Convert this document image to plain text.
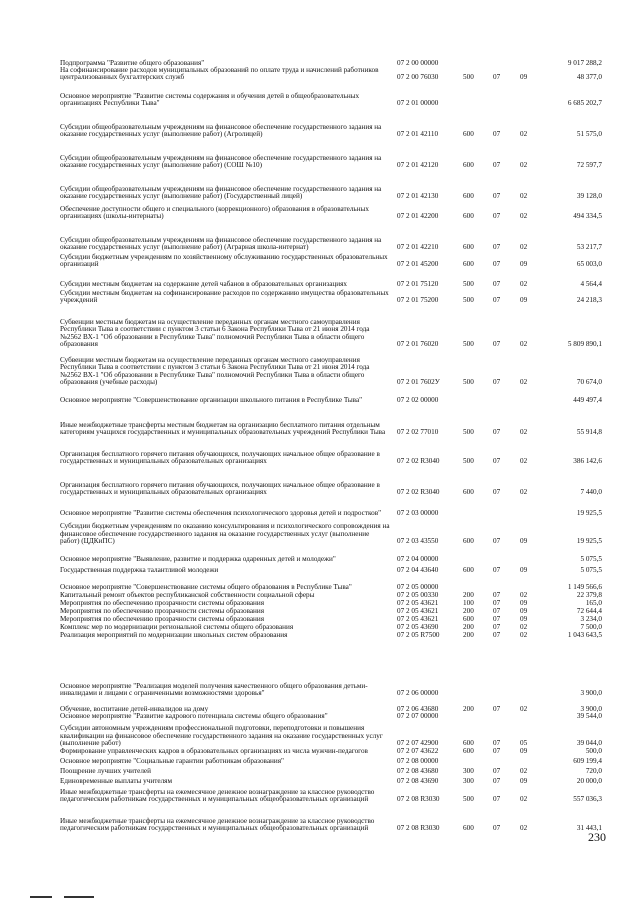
Подпрограмма "Развитие общего образования"	07 2 00 00000	9 017 288,2
На софинансирование расходов муниципальных образований по оплате труда и начислений работников централизованных бухгалтерских служб	07 2 00 76030	500	07	09	48 377,0
Основное мероприятие "Развитие системы содержания и обучения детей в общеобразовательных организациях Республики Тыва"	07 2 01 00000	6 685 202,7
Субсидии общеобразовательным учреждениям на финансовое обеспечение государственного задания на оказание государственных услуг (выполнение работ) (Агролицей)	07 2 01 42110	600	07	02	51 575,0
Субсидии общеобразовательным учреждениям на финансовое обеспечение государственного задания на оказание государственных услуг (выполнение работ) (СОШ №10)	07 2 01 42120	600	07	02	72 597,7
Субсидии общеобразовательным учреждениям на финансовое обеспечение государственного задания на оказание государственных услуг (выполнение работ) (Государственный лицей)	07 2 01 42130	600	07	02	39 128,0
Обеспечение доступности общего и специального (коррекционного) образования в образовательных организациях (школы-интернаты)	07 2 01 42200	600	07	02	494 334,5
Субсидии общеобразовательным учреждениям на финансовое обеспечение государственного задания на оказание государственных услуг (выполнение работ) (Аграрная школа-интернат)	07 2 01 42210	600	07	02	53 217,7
Субсидии бюджетным учреждениям по хозяйственному обслуживанию государственных образовательных организаций	07 2 01 45200	600	07	09	65 003,0
Субсидии местным бюджетам на содержание детей чабанов в образовательных организациях	07 2 01 75120	500	07	02	4 564,4
Субсидии местным бюджетам на софинансирование расходов по содержанию имущества образовательных учреждений	07 2 01 75200	500	07	09	24 218,3
Субвенции местным бюджетам на осуществление переданных органам местного самоуправления Республики Тыва в соответствии с пунктом 3 статьи 6 Закона Республики Тыва от 21 июня 2014 года №2562 ВХ-1 "Об образовании в Республике Тыва" полномочий Республики Тыва в области общего образования	07 2 01 76020	500	07	02	5 809 890,1
Субвенции местным бюджетам на осуществление переданных органам местного самоуправления Республики Тыва в соответствии с пунктом 3 статьи 6 Закона Республики Тыва от 21 июня 2014 года №2562 ВХ-1 "Об образовании в Республике Тыва" полномочий Республики Тыва в области общего образования (учебные расходы)	07 2 01 7602У	500	07	02	70 674,0
Основное мероприятие "Совершенствование организации школьного питания в Республике Тыва"	07 2 02 00000	449 497,4
Иные межбюджетные трансферты местным бюджетам на организацию бесплатного питания отдельным категориям учащихся государственных и муниципальных образовательных учреждений Республики Тыва	07 2 02 77010	500	07	02	55 914,8
Организация бесплатного горячего питания обучающихся, получающих начальное общее образование в государственных и муниципальных образовательных организациях	07 2 02 R3040	500	07	02	386 142,6
Организация бесплатного горячего питания обучающихся, получающих начальное общее образование в государственных и муниципальных образовательных организациях	07 2 02 R3040	600	07	02	7 440,0
Основное мероприятие "Развитие системы обеспечения психологического здоровья детей и подростков"	07 2 03 00000	19 925,5
Субсидии бюджетным учреждениям по оказанию консультирования и психологического сопровождения на финансовое обеспечение государственного задания на оказание государственных услуг (выполнение работ) (ЦДКиПС)	07 2 03 43550	600	07	09	19 925,5
Основное мероприятие "Выявление, развитие и поддержка одаренных детей и молодежи"	07 2 04 00000	5 075,5
Государственная поддержка талантливой молодежи	07 2 04 43640	600	07	09	5 075,5
Основное мероприятие "Совершенствование системы общего образования в Республике Тыва"	07 2 05 00000	1 149 566,6
Капитальный ремонт объектов республиканской собственности социальной сферы	07 2 05 00330	200	07	02	22 379,8
Мероприятия по обеспечению прозрачности системы образования	07 2 05 43621	100	07	09	165,0
Мероприятия по обеспечению прозрачности системы образования	07 2 05 43621	200	07	09	72 644,4
Мероприятия по обеспечению прозрачности системы образования	07 2 05 43621	600	07	09	3 234,0
Комплекс мер по модернизации региональной системы общего образования	07 2 05 43690	200	07	02	7 500,0
Реализация мероприятий по модернизации школьных систем образования	07 2 05 R7500	200	07	02	1 043 643,5
Основное мероприятие "Реализация моделей получения качественного общего образования детьми-инвалидами и лицами с ограниченными возможностями здоровья"	07 2 06 00000	3 900,0
Обучение, воспитание детей-инвалидов на дому	07 2 06 43680	200	07	02	3 900,0
Основное мероприятие "Развитие кадрового потенциала системы общего образования"	07 2 07 00000	39 544,0
Субсидии автономным учреждениям профессиональной подготовки, переподготовки и повышения квалификации на финансовое обеспечение государственного задания на оказание государственных услуг (выполнение работ)	07 2 07 42900	600	07	05	39 044,0
Формирование управленческих кадров в образовательных организациях из числа мужчин-педагогов	07 2 07 43622	600	07	09	500,0
Основное мероприятие "Социальные гарантии работникам образования"	07 2 08 00000	609 199,4
Поощрение лучших учителей	07 2 08 43680	300	07	02	720,0
Единовременные выплаты учителям	07 2 08 43690	300	07	09	20 000,0
Иные межбюджетные трансферты на ежемесячное денежное вознаграждение за классное руководство педагогическим работникам государственных и муниципальных общеобразовательных организаций	07 2 08 R3030	500	07	02	557 036,3
Иные межбюджетные трансферты на ежемесячное денежное вознаграждение за классное руководство педагогическим работникам государственных и муниципальных общеобразовательных организаций	07 2 08 R3030	600	07	02	31 443,1
230
